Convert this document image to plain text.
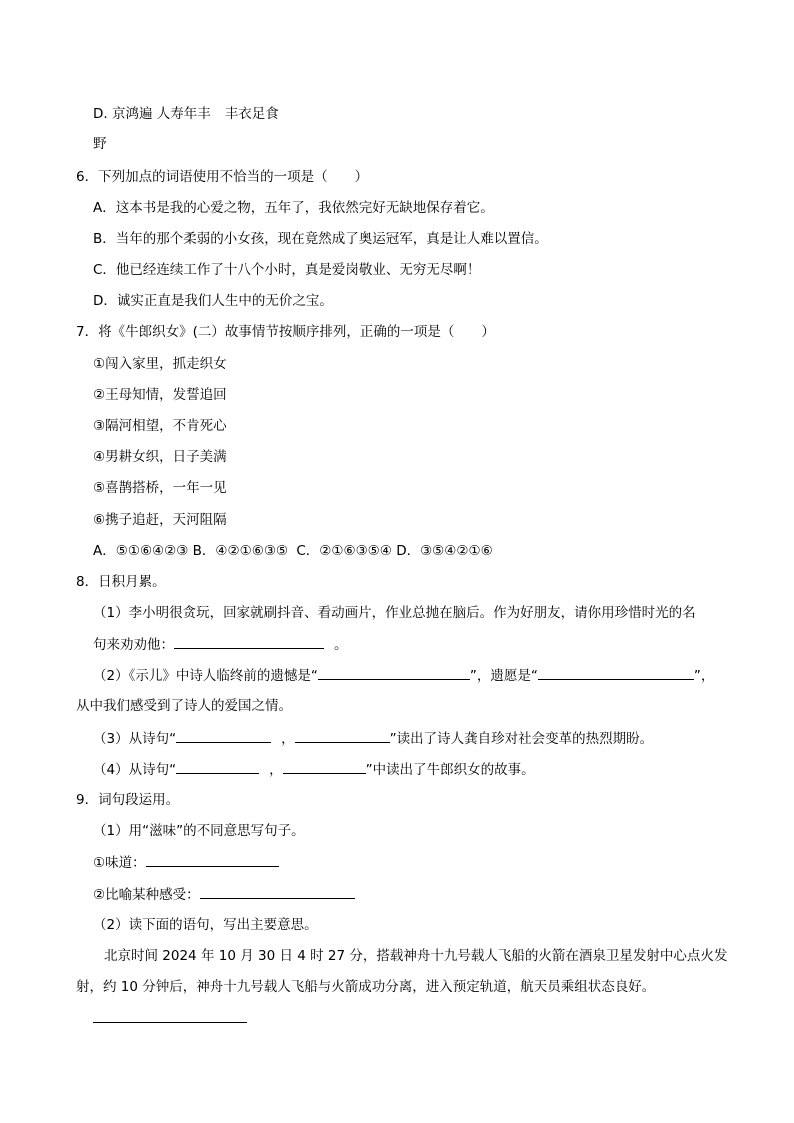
D. 京鸿遍 人寿年丰 丰衣足食
野
6．下列加点的词语使用不恰当的一项是（　　）
A．这本书是我的心爱之物，五年了，我依然完好无缺地保存着它。
B．当年的那个柔弱的小女孩，现在竟然成了奥运冠军，真是让人难以置信。
C．他已经连续工作了十八个小时，真是爱岗敬业、无穷无尽啊！
D．诚实正直是我们人生中的无价之宝。
7．将《牛郎织女》(二）故事情节按顺序排列，正确的一项是（　　）
①闯入家里，抓走织女
②王母知情，发誓追回
③隔河相望，不肯死心
④男耕女织，日子美满
⑤喜鹊搭桥，一年一见
⑥携子追赶，天河阻隔
A．⑤①⑥④②③ B．④②①⑥③⑤ C．②①⑥③⑤④ D．③⑤④②①⑥
8．日积月累。
（1）李小明很贪玩，回家就刷抖音、看动画片，作业总抛在脑后。作为好朋友，请你用珍惜时光的名
句来劝劝他：	。
（2）《示儿》中诗人临终前的遗憾是“	”，遗愿是“	”，
从中我们感受到了诗人的爱国之情。
（3）从诗句“	，	”读出了诗人龚自珍对社会变革的热烈期盼。
（4）从诗句“	，	”中读出了牛郎织女的故事。
9．词句段运用。
（1）用“滋味”的不同意思写句子。
①味道：
②比喻某种感受：
（2）读下面的语句，写出主要意思。
北京时间 2024 年 10 月 30 日 4 时 27 分，搭载神舟十九号载人飞船的火箭在酒泉卫星发射中心点火发
射，约 10 分钟后，神舟十九号载人飞船与火箭成功分离，进入预定轨道，航天员乘组状态良好。
